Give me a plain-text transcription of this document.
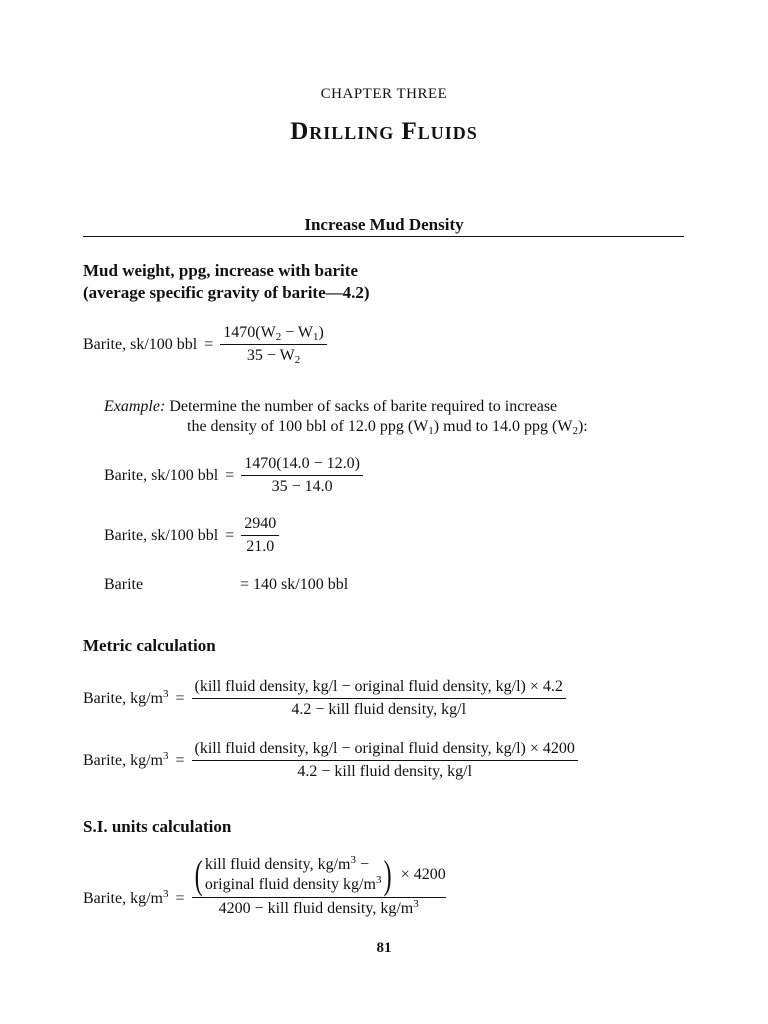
CHAPTER THREE
Drilling Fluids
Increase Mud Density
Mud weight, ppg, increase with barite
(average specific gravity of barite—4.2)
Barite, sk/100 bbl = $\frac{1470(W_2 - W_1)}{35 - W_2}$
Example: Determine the number of sacks of barite required to increase
the density of 100 bbl of 12.0 ppg $(W_1)$ mud to 14.0 ppg $(W_2)$:
Barite, sk/100 bbl = $\frac{1470(14.0 - 12.0)}{35 - 14.0}$
Barite, sk/100 bbl = $\frac{2940}{21.0}$
Barite	= 140 sk/100 bbl
Metric calculation
Barite, $kg/m^3$ =
(kill fluid density, kg/l − original fluid density, kg/l) × 4.2
4.2 − kill fluid density, kg/l
Barite, $kg/m^3$ =
(kill fluid density, kg/l − original fluid density, kg/l) × 4200
4.2 − kill fluid density, kg/l
S.I. units calculation
Barite, $kg/m^3$ =
( kill fluid density, $kg/m^3$ −
original fluid density $kg/m^3$ ) × 4200
4200 − kill fluid density, $kg/m^3$
81
